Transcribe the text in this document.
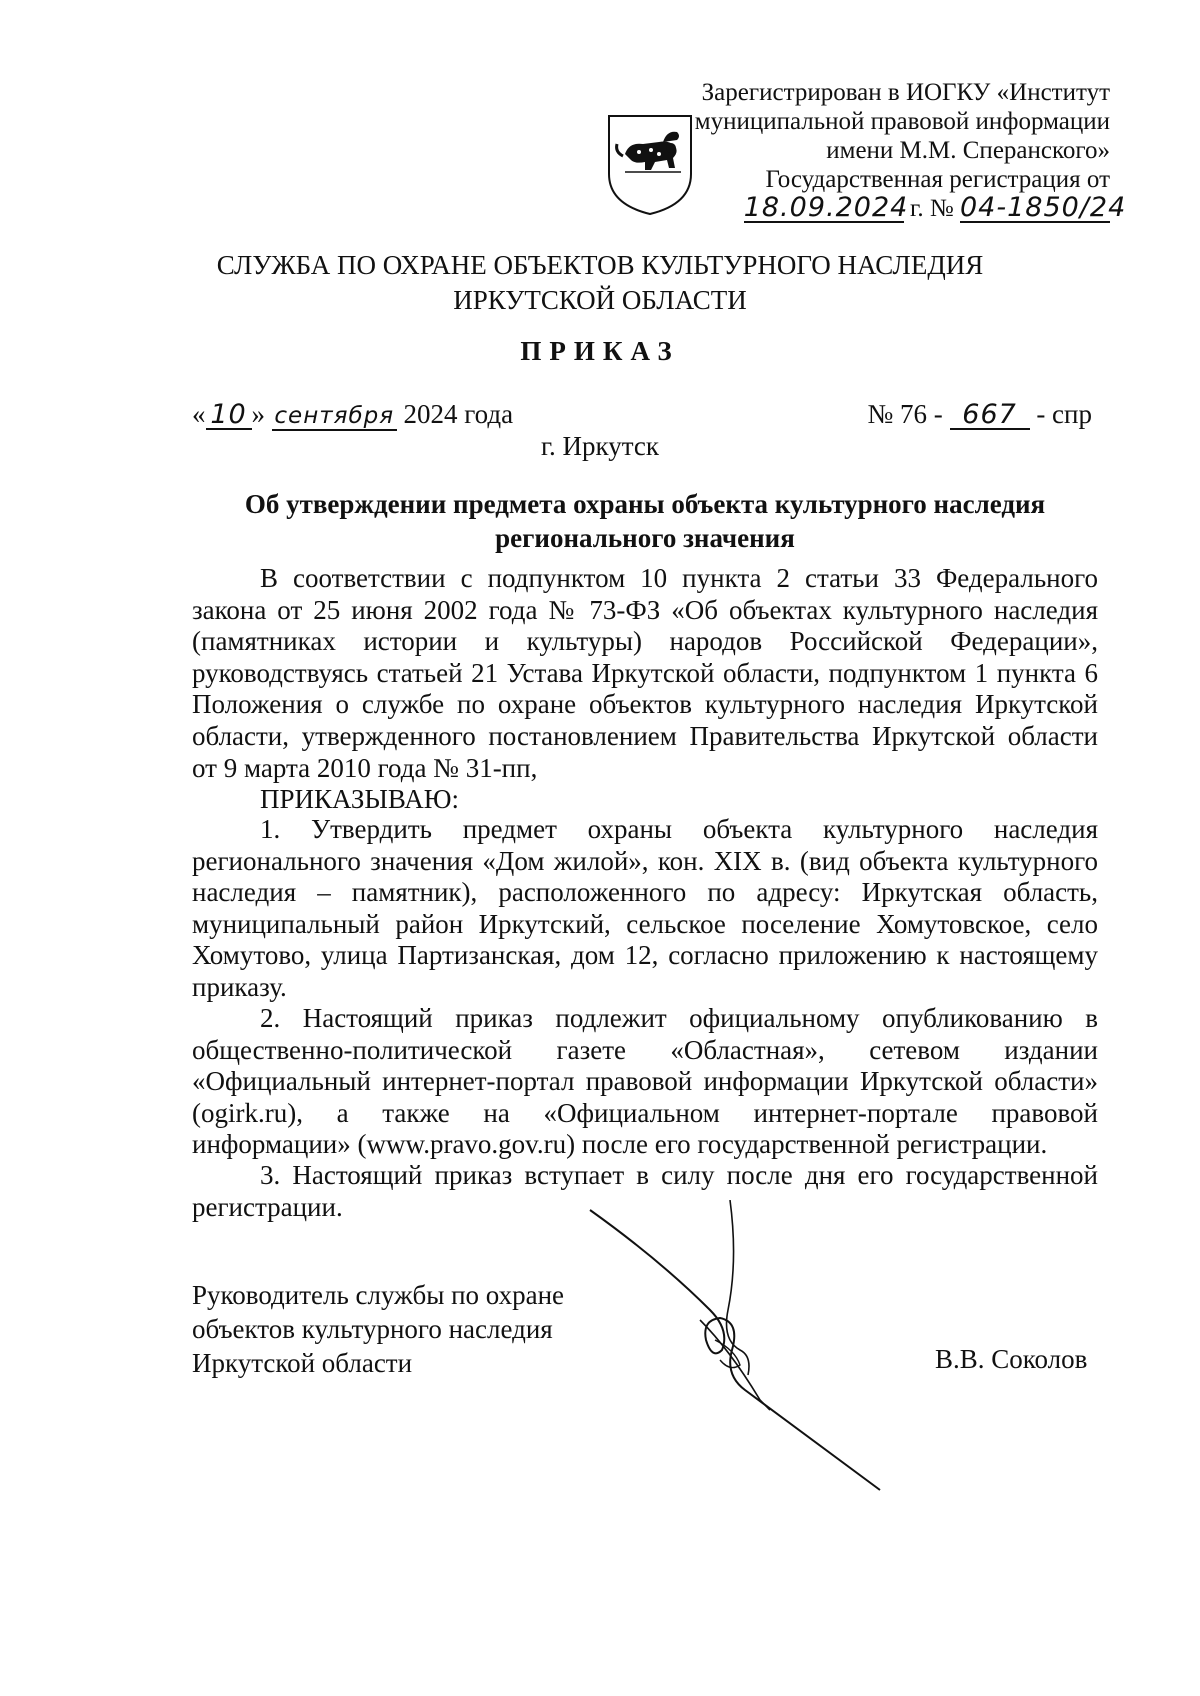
Зарегистрирован в ИОГКУ «Институт
муниципальной правовой информации
имени М.М. Сперанского»
Государственная регистрация от
18.09.2024 г. № 04-1850/24
СЛУЖБА ПО ОХРАНЕ ОБЪЕКТОВ КУЛЬТУРНОГО НАСЛЕДИЯ
ИРКУТСКОЙ ОБЛАСТИ
ПРИКАЗ
« 10 » сентября 2024 года	№ 76 - 667 - спр
г. Иркутск
Об утверждении предмета охраны объекта культурного наследия
регионального значения
В соответствии с подпунктом 10 пункта 2 статьи 33 Федерального закона от 25 июня 2002 года № 73-ФЗ «Об объектах культурного наследия (памятниках истории и культуры) народов Российской Федерации», руководствуясь статьей 21 Устава Иркутской области, подпунктом 1 пункта 6 Положения о службе по охране объектов культурного наследия Иркутской области, утвержденного постановлением Правительства Иркутской области от 9 марта 2010 года № 31-пп,
ПРИКАЗЫВАЮ:
1. Утвердить предмет охраны объекта культурного наследия регионального значения «Дом жилой», кон. XIX в. (вид объекта культурного наследия – памятник), расположенного по адресу: Иркутская область, муниципальный район Иркутский, сельское поселение Хомутовское, село Хомутово, улица Партизанская, дом 12, согласно приложению к настоящему приказу.
2. Настоящий приказ подлежит официальному опубликованию в общественно-политической газете «Областная», сетевом издании «Официальный интернет-портал правовой информации Иркутской области» (ogirk.ru), а также на «Официальном интернет-портале правовой информации» (www.pravo.gov.ru) после его государственной регистрации.
3. Настоящий приказ вступает в силу после дня его государственной регистрации.
Руководитель службы по охране
объектов культурного наследия
Иркутской области	В.В. Соколов
